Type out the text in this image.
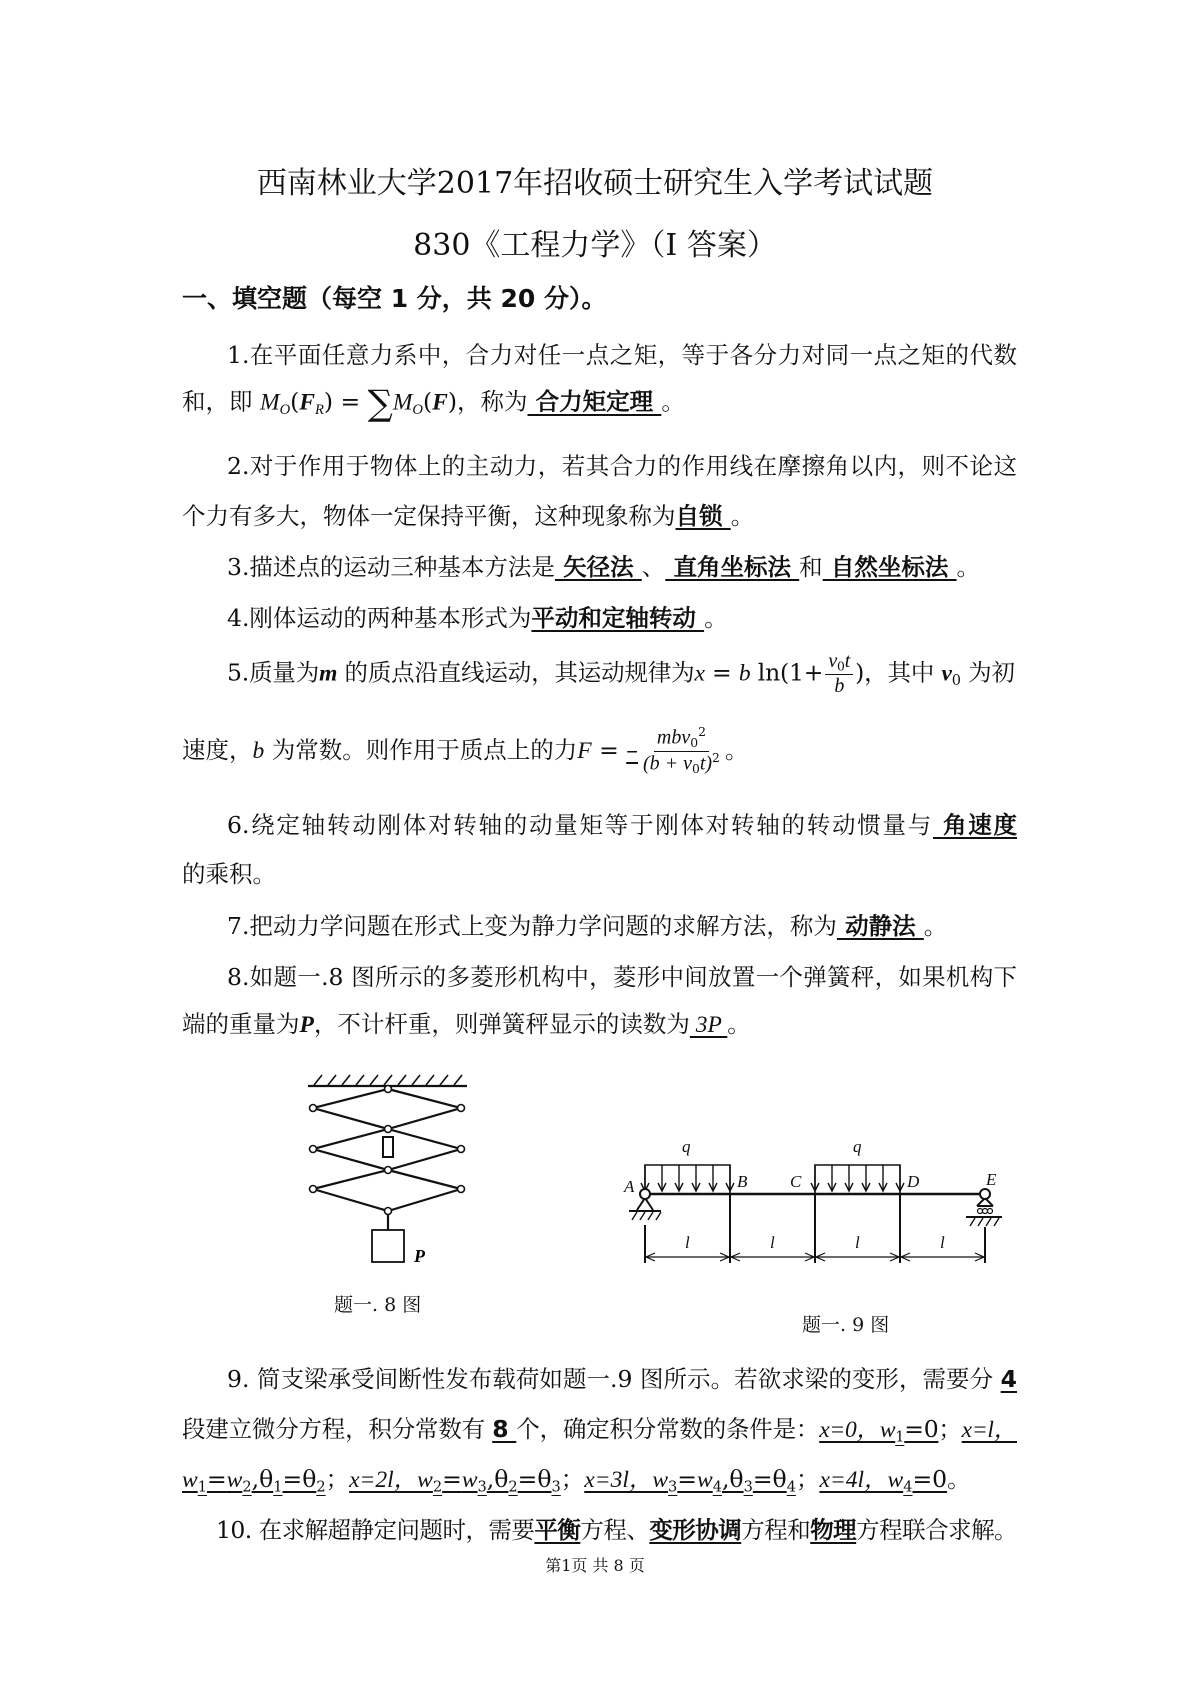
西南林业大学2017年招收硕士研究生入学考试试题
830《工程力学》（I 答案）
一、填空题（每空 1 分，共 20 分）。
1.在平面任意力系中，合力对任一点之矩，等于各分力对同一点之矩的代数
和，即 MO(FR) = ∑MO(F)，称为 合力矩定理 。
2.对于作用于物体上的主动力，若其合力的作用线在摩擦角以内，则不论这
个力有多大，物体一定保持平衡，这种现象称为自锁 。
3.描述点的运动三种基本方法是 矢径法 、 直角坐标法 和 自然坐标法 。
4.刚体运动的两种基本形式为平动和定轴转动 。
5.质量为m 的质点沿直线运动，其运动规律为x = b $\ln(1+ \frac{v0t}{b}$ )，其中 v0 为初
速度，b 为常数。则作用于质点上的力F = – $\frac{mbv0^2}{(b + v0t)^2}$ 。
6.绕定轴转动刚体对转轴的动量矩等于刚体对转轴的转动惯量与 角速度
的乘积。
7.把动力学问题在形式上变为静力学问题的求解方法，称为 动静法 。
8.如题一.8 图所示的多菱形机构中，菱形中间放置一个弹簧秤，如果机构下
端的重量为P，不计杆重，则弹簧秤显示的读数为 3P 。
9. 简支梁承受间断性发布载荷如题一.9 图所示。若欲求梁的变形，需要分 4
段建立微分方程，积分常数有 8 个，确定积分常数的条件是：x=0，w1=0；x=l，
w1=w2,θ1=θ2；x=2l，w2=w3,θ2=θ3；x=3l，w3=w4,θ3=θ4；x=4l，w4=0。
10. 在求解超静定问题时，需要平衡方程、变形协调方程和物理方程联合求解。
P
题一. 8 图
q	q
A	B	C	D	E
l	l	l	l
题一. 9 图
第1页 共 8 页
